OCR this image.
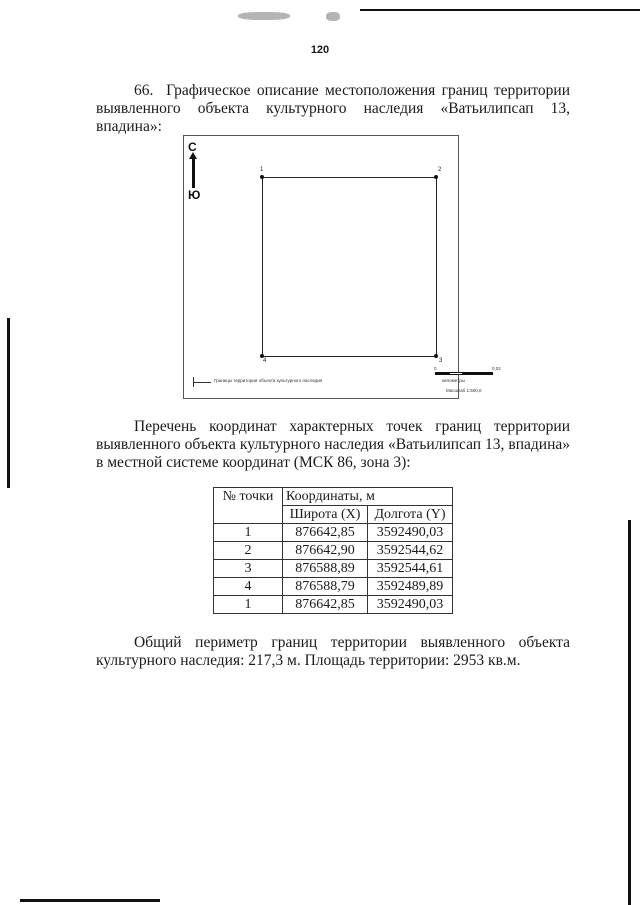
120

66. Графическое описание местоположения границ территории выявленного объекта культурного наследия «Ватьилипсап 13, впадина»:

С
Ю
1	2
3
4
Границы территории объекта культурного наследия
0	0,02
километры
Масштаб 1:500,0

Перечень координат характерных точек границ территории выявленного объекта культурного наследия «Ватьилипсап 13, впадина» в местной системе координат (МСК 86, зона 3):

№ точки	Координаты, м	
	Широта (X)	Долгота (Y)
1	876642,85	3592490,03
2	876642,90	3592544,62
3	876588,89	3592544,61
4	876588,79	3592489,89
1	876642,85	3592490,03

Общий периметр границ территории выявленного объекта культурного наследия: 217,3 м. Площадь территории: 2953 кв.м.
